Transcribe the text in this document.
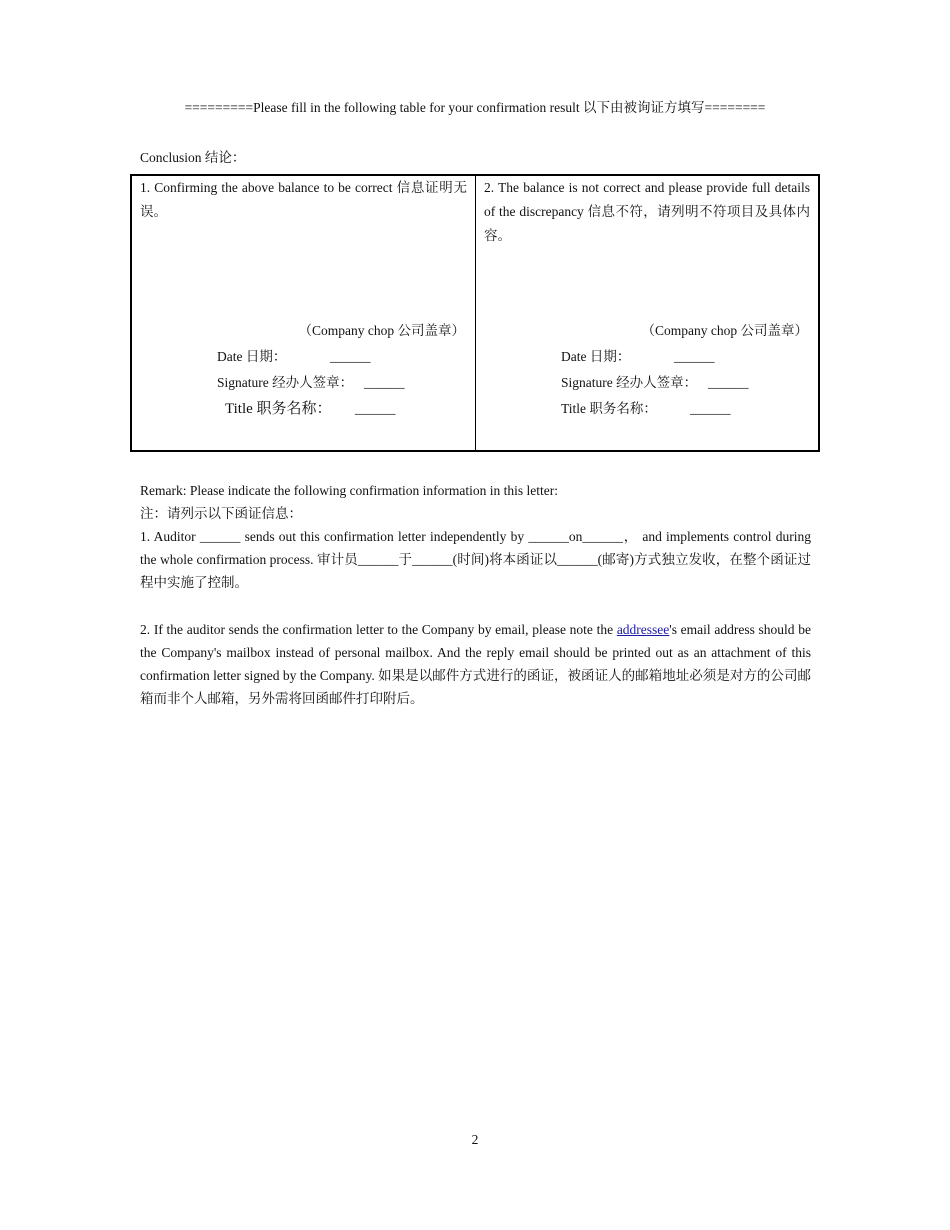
=========Please fill in the following table for your confirmation result 以下由被询证方填写========
Conclusion 结论：
1. Confirming the above balance to be correct 信息证明无误。
（Company chop 公司盖章）
Date 日期：	______
Signature 经办人签章： ______
Title 职务名称： ______
2. The balance is not correct and please provide full details of the discrepancy 信息不符，请列明不符项目及具体内容。
（Company chop 公司盖章）
Date 日期：	______
Signature 经办人签章： ______
Title 职务名称： ______

Remark: Please indicate the following confirmation information in this letter:

注：请列示以下函证信息：

1. Auditor ______ sends out this confirmation letter independently by ______on______， and implements control during the whole confirmation process. 审计员______于______(时间)将本函证以______(邮寄)方式独立发收，在整个函证过程中实施了控制。

2. If the auditor sends the confirmation letter to the Company by email, please note the addressee's email address should be the Company's mailbox instead of personal mailbox. And the reply email should be printed out as an attachment of this confirmation letter signed by the Company. 如果是以邮件方式进行的函证，被函证人的邮箱地址必须是对方的公司邮箱而非个人邮箱，另外需将回函邮件打印附后。

2
